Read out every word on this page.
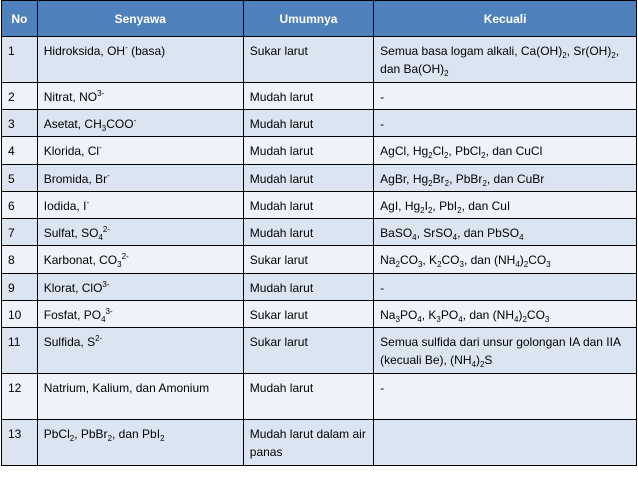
No	Senyawa	Umumnya	Kecuali
1	Hidroksida, OH- (basa)	Sukar larut	Semua basa logam alkali, $Ca(OH)_2$, $Sr(OH)_2$, dan $Ba(OH)_2$
2	Nitrat, $NO^{3-}$	Mudah larut	-
3	Asetat, $CH_3COO^-$	Mudah larut	-
4	Klorida, Cl-	Mudah larut	AgCl, $Hg_2Cl_2$, PbCl$_2$, dan CuCl
5	Bromida, Br-	Mudah larut	AgBr, $Hg_2Br_2$, PbBr$_2$, dan CuBr
6	Iodida, I-	Mudah larut	AgI, $Hg_2I_2$, PbI$_2$, dan CuI
7	Sulfat, $SO_4^{2-}$	Mudah larut	BaSO$_4$, SrSO$_4$, dan PbSO$_4$
8	Karbonat, $CO_3^{2-}$	Sukar larut	$Na_2CO_3$, $K_2CO_3$, dan $(NH_4)_2CO_3$
9	Klorat, ClO$^{3-}$	Mudah larut	-
10	Fosfat, $PO_4^{3-}$	Sukar larut	$Na_3PO_4$, $K_3PO_4$, dan $(NH_4)_2CO_3$
11	Sulfida, $S^{2-}$	Sukar larut	Semua sulfida dari unsur golongan IA dan IIA (kecuali Be), $(NH_4)_2S$
12	Natrium, Kalium, dan Amonium	Mudah larut	-
13	PbCl$_2$, PbBr$_2$, dan PbI$_2$	Mudah larut dalam air panas	
